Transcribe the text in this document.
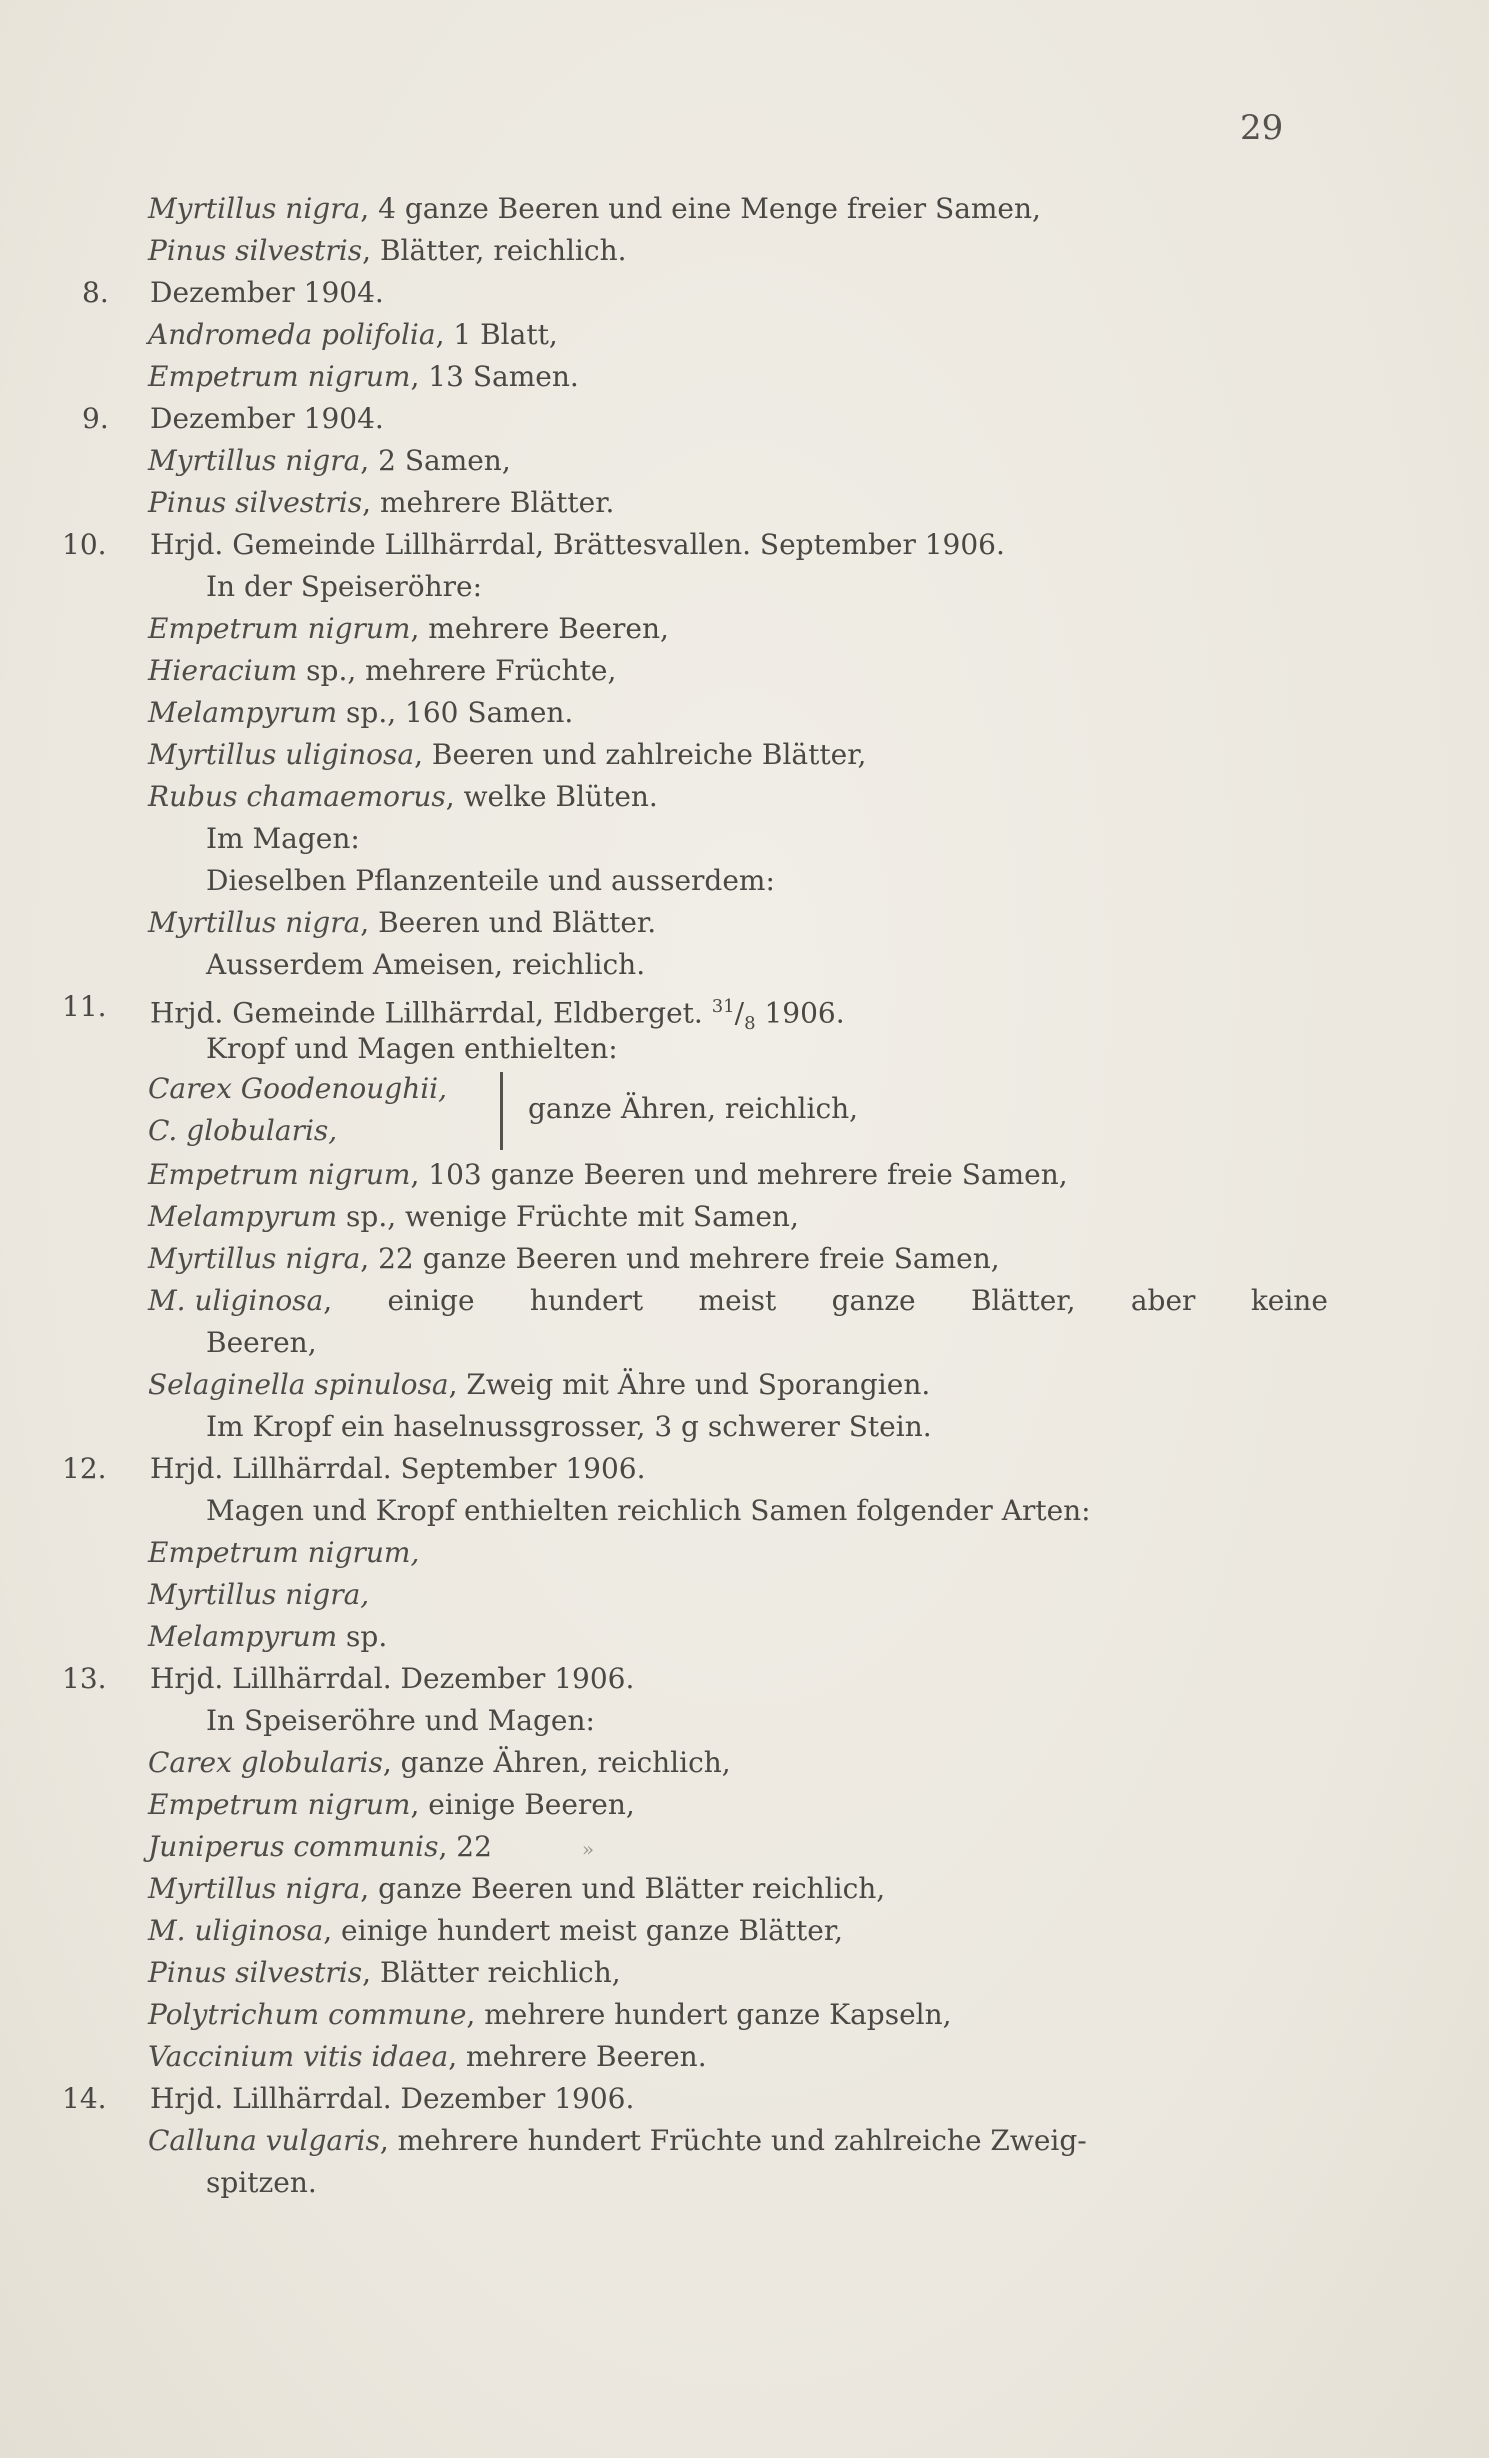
29
Myrtillus nigra, 4 ganze Beeren und eine Menge freier Samen,
Pinus silvestris, Blätter, reichlich.
8. Dezember 1904.
Andromeda polifolia, 1 Blatt,
Empetrum nigrum, 13 Samen.
9. Dezember 1904.
Myrtillus nigra, 2 Samen,
Pinus silvestris, mehrere Blätter.
10. Hrjd. Gemeinde Lillhärrdal, Brättesvallen. September 1906.
In der Speiseröhre:
Empetrum nigrum, mehrere Beeren,
Hieracium sp., mehrere Früchte,
Melampyrum sp., 160 Samen.
Myrtillus uliginosa, Beeren und zahlreiche Blätter,
Rubus chamaemorus, welke Blüten.
Im Magen:
Dieselben Pflanzenteile und ausserdem:
Myrtillus nigra, Beeren und Blätter.
Ausserdem Ameisen, reichlich.
11. Hrjd. Gemeinde Lillhärrdal, Eldberget. $^{31}/_8$ 1906.
Kropf und Magen enthielten:
Carex Goodenoughii,
C. globularis,
ganze Ähren, reichlich,
Empetrum nigrum, 103 ganze Beeren und mehrere freie Samen,
Melampyrum sp., wenige Früchte mit Samen,
Myrtillus nigra, 22 ganze Beeren und mehrere freie Samen,
M. uliginosa, einige hundert meist ganze Blätter, aber keine
Beeren,
Selaginella spinulosa, Zweig mit Ähre und Sporangien.
Im Kropf ein haselnussgrosser, 3 g schwerer Stein.
12. Hrjd. Lillhärrdal. September 1906.
Magen und Kropf enthielten reichlich Samen folgender Arten:
Empetrum nigrum,
Myrtillus nigra,
Melampyrum sp.
13. Hrjd. Lillhärrdal. Dezember 1906.
In Speiseröhre und Magen:
Carex globularis, ganze Ähren, reichlich,
Empetrum nigrum, einige Beeren,
Juniperus communis, 22	»
Myrtillus nigra, ganze Beeren und Blätter reichlich,
M. uliginosa, einige hundert meist ganze Blätter,
Pinus silvestris, Blätter reichlich,
Polytrichum commune, mehrere hundert ganze Kapseln,
Vaccinium vitis idaea, mehrere Beeren.
14. Hrjd. Lillhärrdal. Dezember 1906.
Calluna vulgaris, mehrere hundert Früchte und zahlreiche Zweig-
spitzen.
